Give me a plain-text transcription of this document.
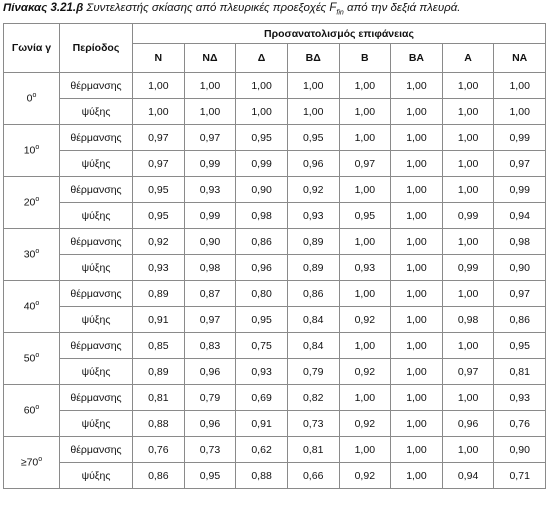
Πίνακας 3.21.β Συντελεστής σκίασης από πλευρικές προεξοχές $F_{fin}$ από την δεξιά πλευρά.
Γωνία γ	Περίοδος	Προσανατολισμός επιφάνειας							
		Ν	ΝΔ	Δ	ΒΔ	Β	ΒΑ	Α	ΝΑ
0$^o$	θέρμανσης	1,00	1,00	1,00	1,00	1,00	1,00	1,00	1,00
	ψύξης	1,00	1,00	1,00	1,00	1,00	1,00	1,00	1,00
10$^o$	θέρμανσης	0,97	0,97	0,95	0,95	1,00	1,00	1,00	0,99
	ψύξης	0,97	0,99	0,99	0,96	0,97	1,00	1,00	0,97
20$^o$	θέρμανσης	0,95	0,93	0,90	0,92	1,00	1,00	1,00	0,99
	ψύξης	0,95	0,99	0,98	0,93	0,95	1,00	0,99	0,94
30$^o$	θέρμανσης	0,92	0,90	0,86	0,89	1,00	1,00	1,00	0,98
	ψύξης	0,93	0,98	0,96	0,89	0,93	1,00	0,99	0,90
40$^o$	θέρμανσης	0,89	0,87	0,80	0,86	1,00	1,00	1,00	0,97
	ψύξης	0,91	0,97	0,95	0,84	0,92	1,00	0,98	0,86
50$^o$	θέρμανσης	0,85	0,83	0,75	0,84	1,00	1,00	1,00	0,95
	ψύξης	0,89	0,96	0,93	0,79	0,92	1,00	0,97	0,81
60$^o$	θέρμανσης	0,81	0,79	0,69	0,82	1,00	1,00	1,00	0,93
	ψύξης	0,88	0,96	0,91	0,73	0,92	1,00	0,96	0,76
$\ge 70^o$	θέρμανσης	0,76	0,73	0,62	0,81	1,00	1,00	1,00	0,90
	ψύξης	0,86	0,95	0,88	0,66	0,92	1,00	0,94	0,71
